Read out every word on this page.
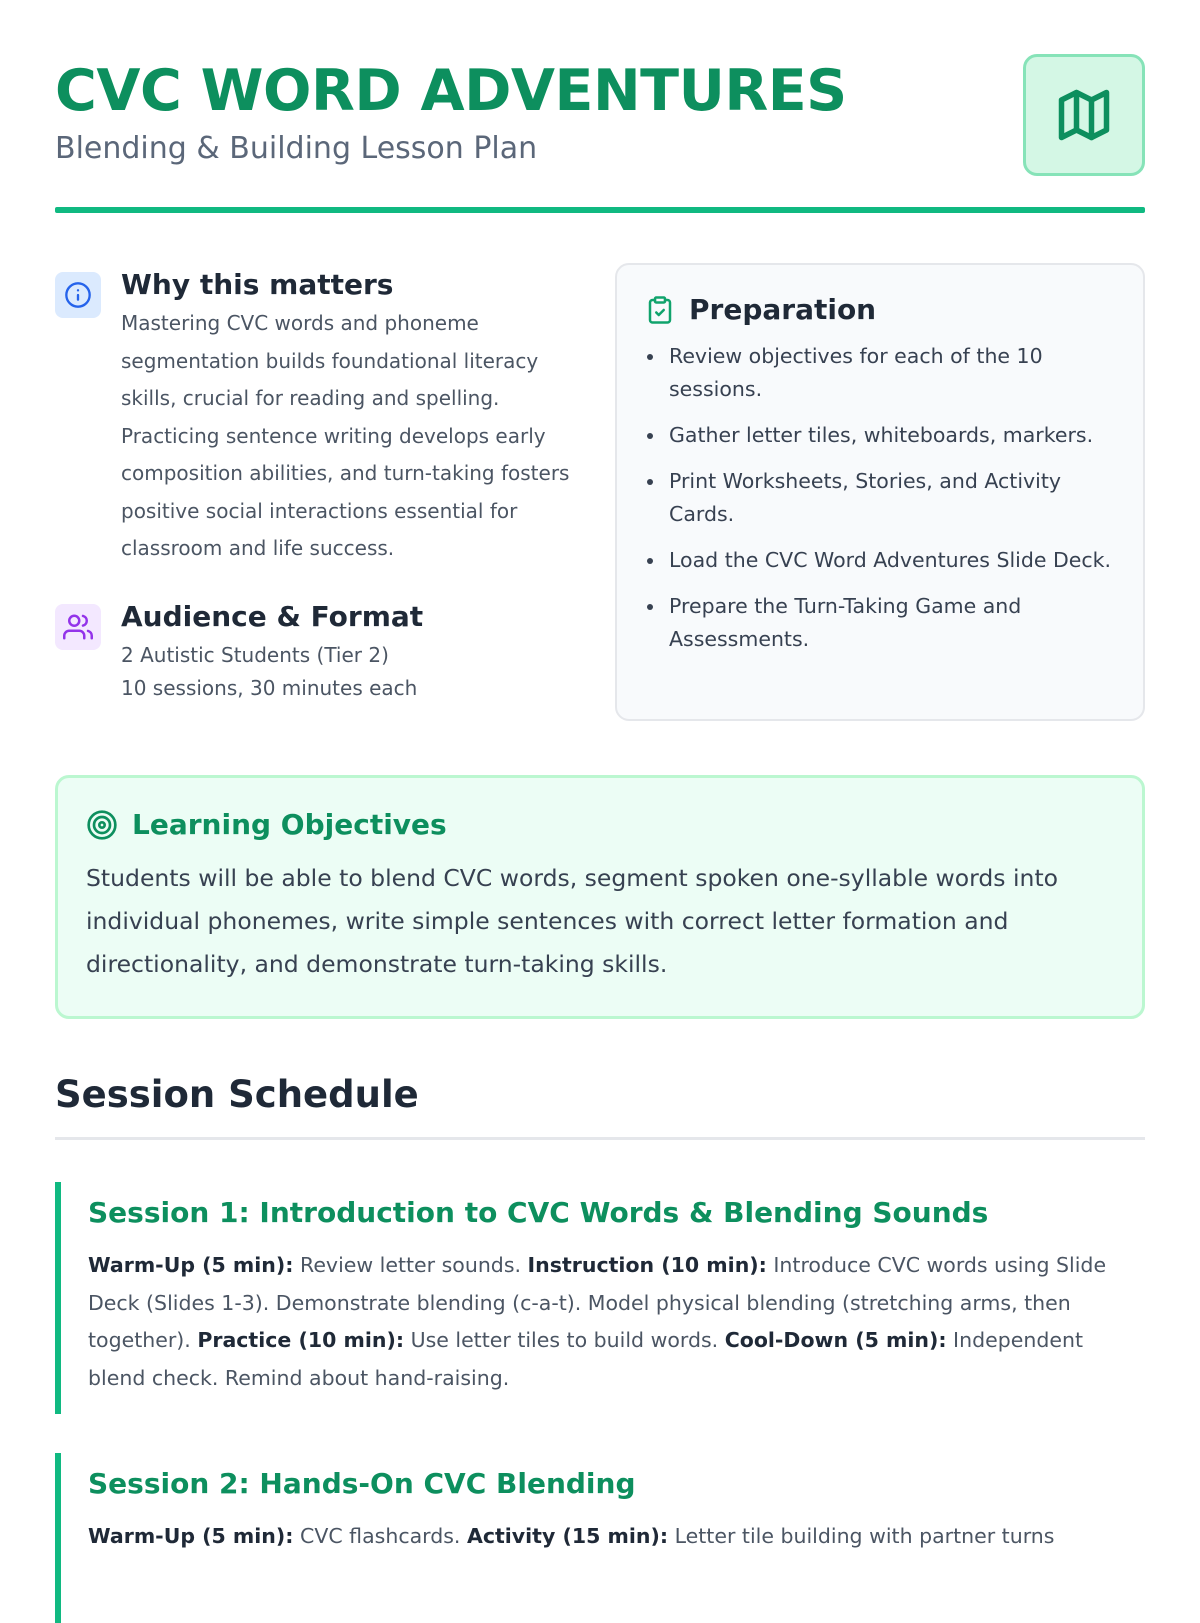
CVC WORD ADVENTURES

Blending & Building Lesson Plan

Why this matters

Mastering CVC words and phoneme segmentation builds foundational literacy skills, crucial for reading and spelling. Practicing sentence writing develops early composition abilities, and turn-taking fosters positive social interactions essential for classroom and life success.

Audience & Format
2 Autistic Students (Tier 2)
10 sessions, 30 minutes each
Preparation
Review objectives for each of the 10 sessions.
Gather letter tiles, whiteboards, markers.
Print Worksheets, Stories, and Activity Cards.
Load the CVC Word Adventures Slide Deck.
Prepare the Turn-Taking Game and Assessments.
Learning Objectives

Students will be able to blend CVC words, segment spoken one-syllable words into individual phonemes, write simple sentences with correct letter formation and directionality, and demonstrate turn-taking skills.

Session Schedule
Session 1: Introduction to CVC Words & Blending Sounds

Warm-Up (5 min): Review letter sounds. Instruction (10 min): Introduce CVC words using Slide Deck (Slides 1-3). Demonstrate blending (c-a-t). Model physical blending (stretching arms, then together). Practice (10 min): Use letter tiles to build words. Cool-Down (5 min): Independent blend check. Remind about hand-raising.

Session 2: Hands-On CVC Blending

Warm-Up (5 min): CVC flashcards. Activity (15 min): Letter tile building with partner turns
